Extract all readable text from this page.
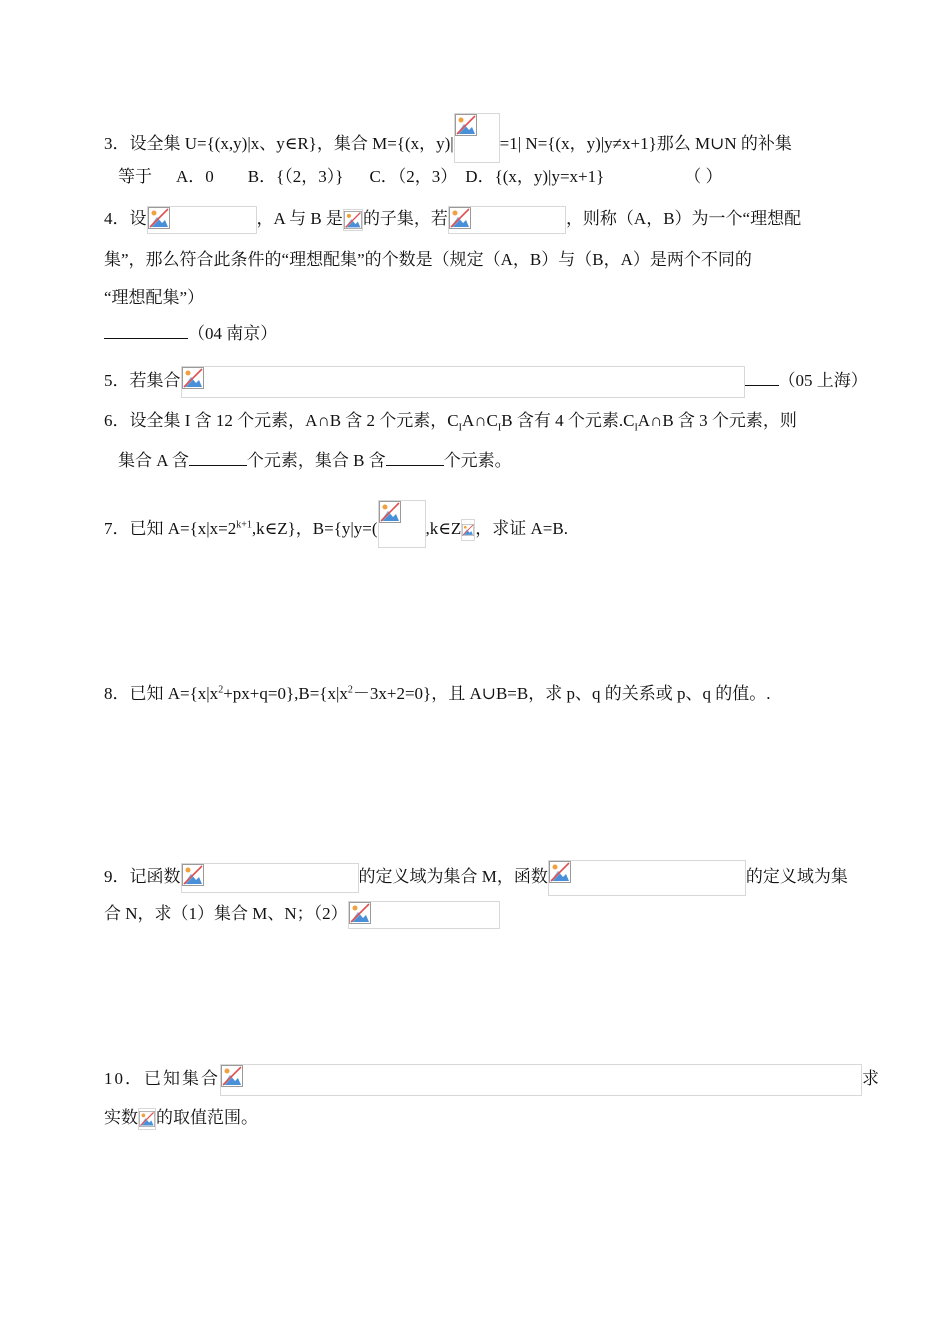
3．设全集 U={(x,y)|x、y∈R}，集合 M={(x，y)|	=1| N={(x，y)|y≠x+1}那么 M∪N 的补集
等于 A．0 B．{（2，3）} C．（2，3） D．{(x，y)|y=x+1}	（ ）
4．设	，A 与 B 是 的子集，若	，则称（A，B）为一个“理想配
集”，那么符合此条件的“理想配集”的个数是（规定（A，B）与（B，A）是两个不同的
“理想配集”）
（04 南京）
5．若集合	（05 上海）
6．设全集 I 含 12 个元素，A∩B 含 2 个元素，$C_IA\cap C_IB$ 含有 4 个元素$.C_IA\cap B$ 含 3 个元素，则
集合 A 含	个元素，集合 B 含	个元素。
7．已知 $A=\{x|x=2^{k+1},k\in Z\}$，B={y|y=(	,k∈Z ，求证 A=B.
8．已知 $A=\{x|x^2+px+q=0\},B=\{x|x^2-3x+2=0\}$，且 A∪B=B，求 p、q 的关系或 p、q 的值。.
9．记函数	的定义域为集合 M，函数	的定义域为集
合 N，求（1）集合 M、N；（2）
10．已知集合	求
实数 的取值范围。
